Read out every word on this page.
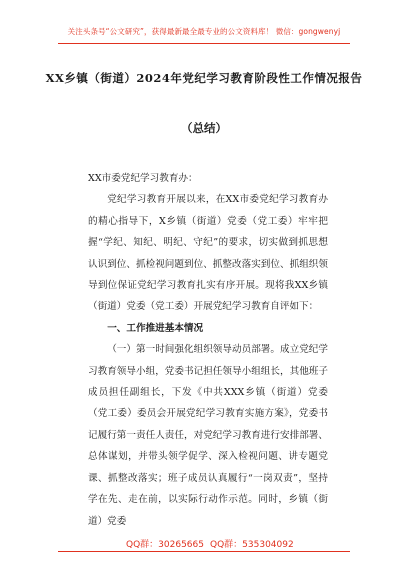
关注头条号“公文研究”，获得最新最全最专业的公文资料库！ 微信：gongwenyj
XX乡镇（街道）2024年党纪学习教育阶段性工作情况报告
（总结）

XX市委党纪学习教育办：

党纪学习教育开展以来，在XX市委党纪学习教育办的精心指导下，X乡镇（街道）党委（党工委）牢牢把握“学纪、知纪、明纪、守纪”的要求，切实做到抓思想认识到位、抓检视问题到位、抓整改落实到位、抓组织领导到位保证党纪学习教育扎实有序开展。现将我XX乡镇（街道）党委（党工委）开展党纪学习教育自评如下：

一、工作推进基本情况

（一）第一时间强化组织领导动员部署。成立党纪学习教育领导小组，党委书记担任领导小组组长，其他班子成员担任副组长，下发《中共XXX乡镇（街道）党委（党工委）委员会开展党纪学习教育实施方案》，党委书记履行第一责任人责任，对党纪学习教育进行安排部署、总体谋划，并带头领学促学、深入检视问题、讲专题党课、抓整改落实；班子成员认真履行“一岗双责”，坚持学在先、走在前，以实际行动作示范。同时，乡镇（街道）党委

QQ群：30265665 QQ群：535304092
